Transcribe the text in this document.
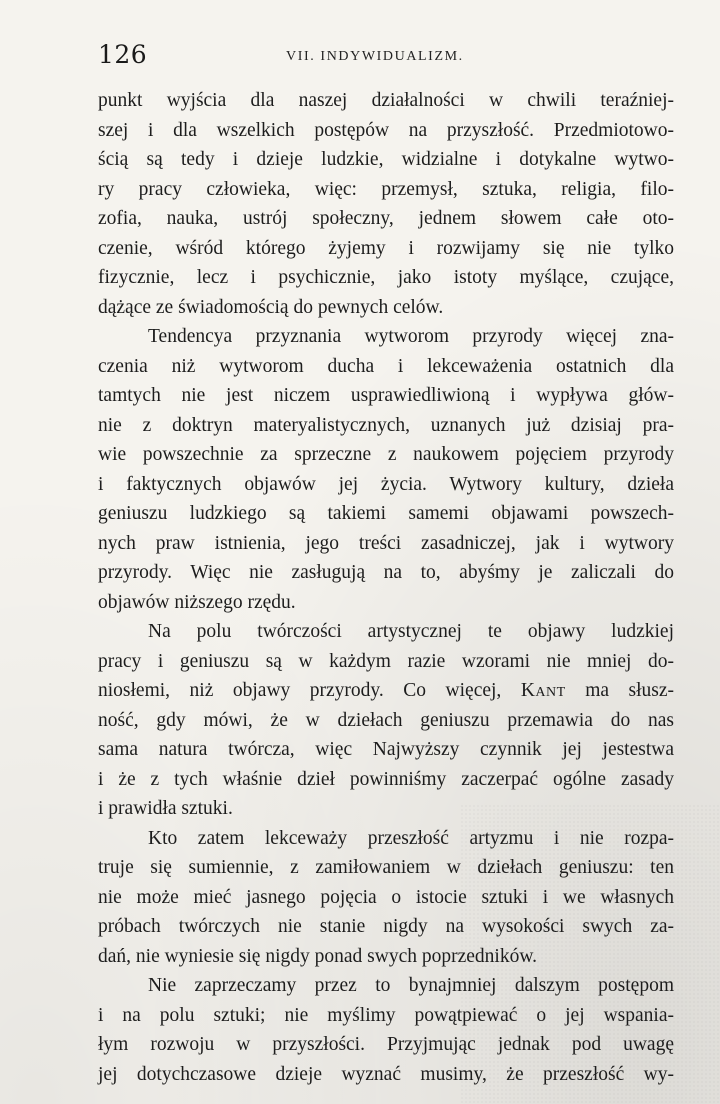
126	VII. INDYWIDUALIZM.
punkt wyjścia dla naszej działalności w chwili teraźniej-
szej i dla wszelkich postępów na przyszłość. Przedmiotowo-
ścią są tedy i dzieje ludzkie, widzialne i dotykalne wytwo-
ry pracy człowieka, więc: przemysł, sztuka, religia, filo-
zofia, nauka, ustrój społeczny, jednem słowem całe oto-
czenie, wśród którego żyjemy i rozwijamy się nie tylko
fizycznie, lecz i psychicznie, jako istoty myślące, czujące,
dążące ze świadomością do pewnych celów.
Tendencya przyznania wytworom przyrody więcej zna-
czenia niż wytworom ducha i lekceważenia ostatnich dla
tamtych nie jest niczem usprawiedliwioną i wypływa głów-
nie z doktryn materyalistycznych, uznanych już dzisiaj pra-
wie powszechnie za sprzeczne z naukowem pojęciem przyrody
i faktycznych objawów jej życia. Wytwory kultury, dzieła
geniuszu ludzkiego są takiemi samemi objawami powszech-
nych praw istnienia, jego treści zasadniczej, jak i wytwory
przyrody. Więc nie zasługują na to, abyśmy je zaliczali do
objawów niższego rzędu.
Na polu twórczości artystycznej te objawy ludzkiej
pracy i geniuszu są w każdym razie wzorami nie mniej do-
niosłemi, niż objawy przyrody. Co więcej, Kant ma słusz-
ność, gdy mówi, że w dziełach geniuszu przemawia do nas
sama natura twórcza, więc Najwyższy czynnik jej jestestwa
i że z tych właśnie dzieł powinniśmy zaczerpać ogólne zasady
i prawidła sztuki.
Kto zatem lekceważy przeszłość artyzmu i nie rozpa-
truje się sumiennie, z zamiłowaniem w dziełach geniuszu: ten
nie może mieć jasnego pojęcia o istocie sztuki i we własnych
próbach twórczych nie stanie nigdy na wysokości swych za-
dań, nie wyniesie się nigdy ponad swych poprzedników.
Nie zaprzeczamy przez to bynajmniej dalszym postępom
i na polu sztuki; nie myślimy powątpiewać o jej wspania-
łym rozwoju w przyszłości. Przyjmując jednak pod uwagę
jej dotychczasowe dzieje wyznać musimy, że przeszłość wy-
